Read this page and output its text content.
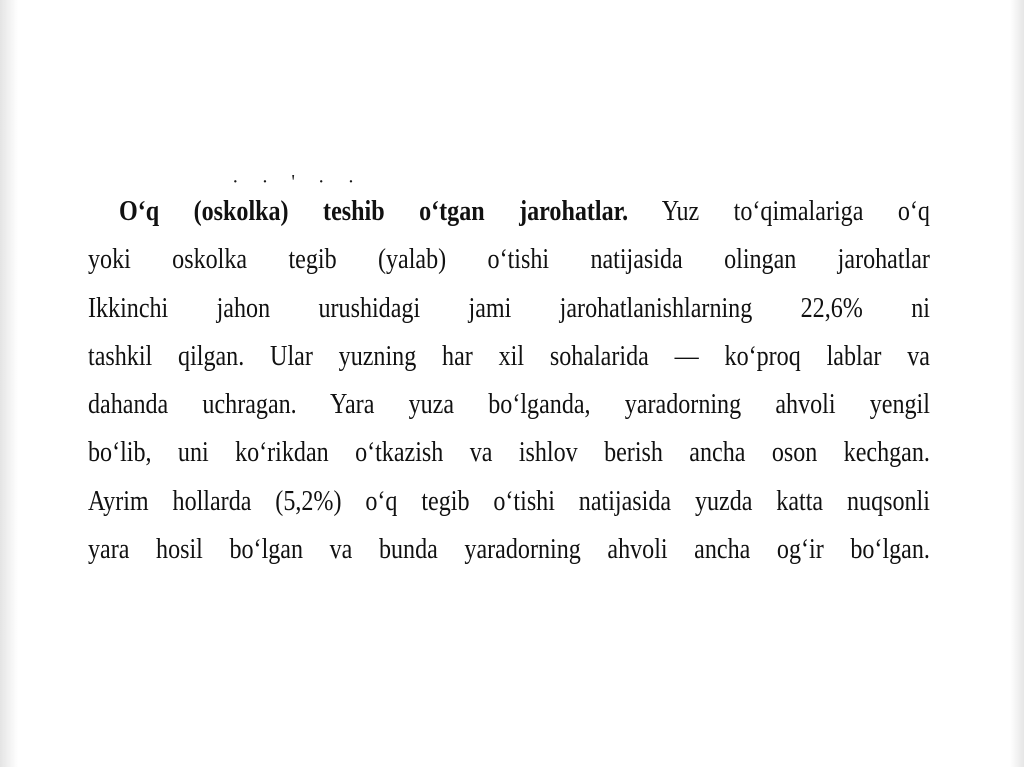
· · ' · ·
O‘q (oskolka) teshib o‘tgan jarohatlar. Yuz to‘qimalariga o‘q
yoki oskolka tegib (yalab) o‘tishi natijasida olingan jarohatlar
Ikkinchi jahon urushidagi jami jarohatlanishlarning 22,6% ni
tashkil qilgan. Ular yuzning har xil sohalarida — ko‘proq lablar va
dahanda uchragan. Yara yuza bo‘lganda, yaradorning ahvoli yengil
bo‘lib, uni ko‘rikdan o‘tkazish va ishlov berish ancha oson kechgan.
Ayrim hollarda (5,2%) o‘q tegib o‘tishi natijasida yuzda katta nuqsonli
yara hosil bo‘lgan va bunda yaradorning ahvoli ancha og‘ir bo‘lgan.
